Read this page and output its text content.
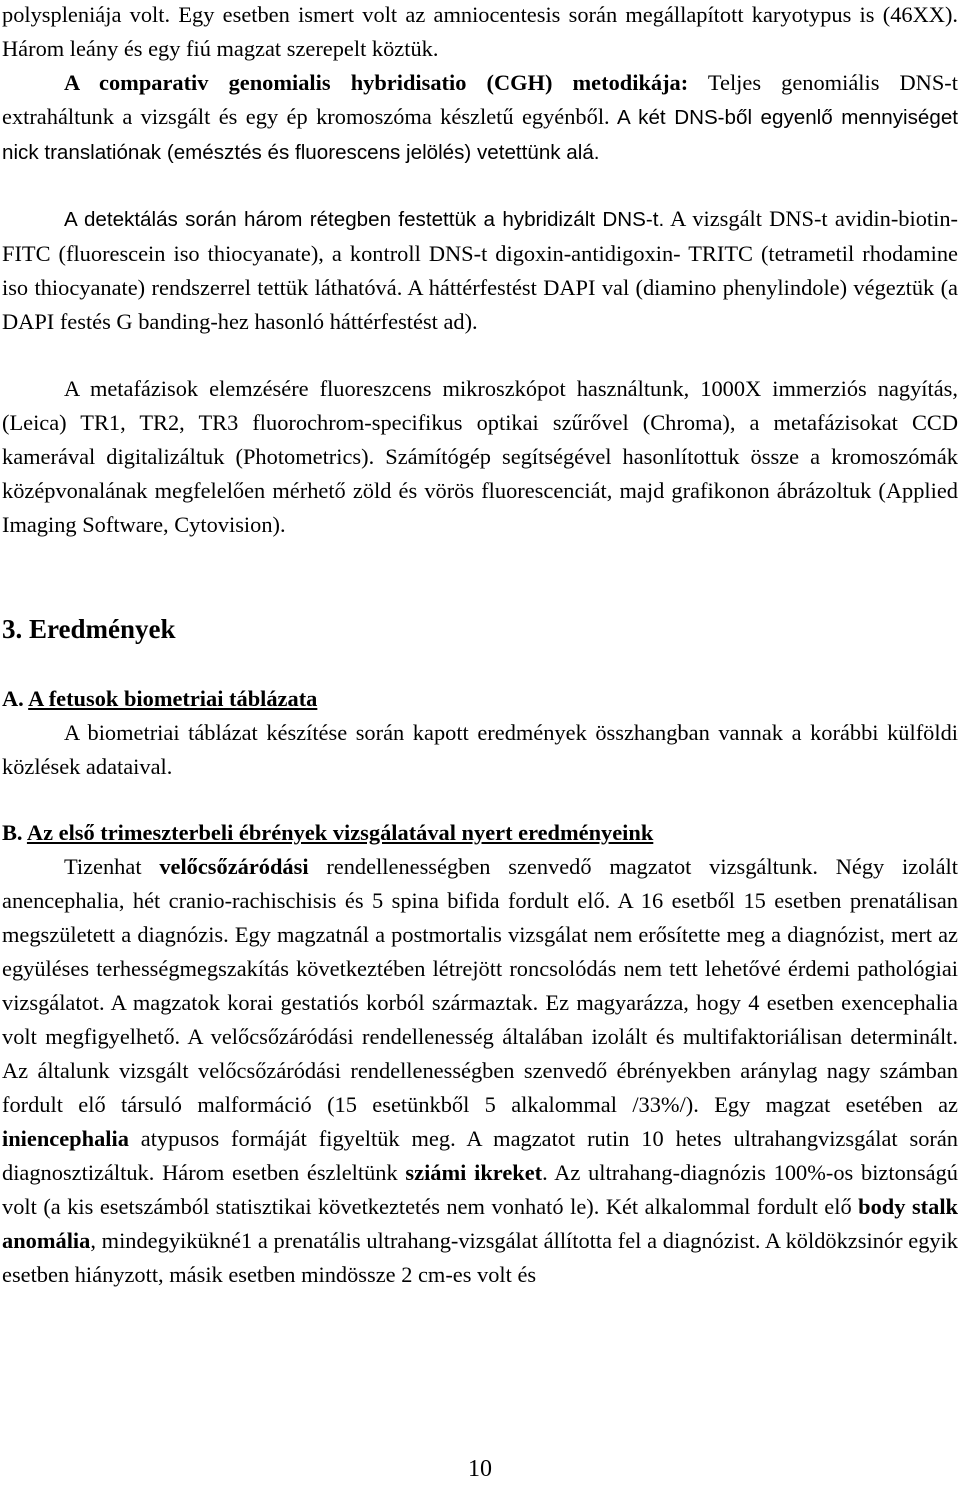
polyspleniája volt. Egy esetben ismert volt az amniocentesis során megállapított karyotypus is (46XX). Három leány és egy fiú magzat szerepelt köztük.

A comparativ genomialis hybridisatio (CGH) metodikája: Teljes genomiális DNS-t extraháltunk a vizsgált és egy ép kromoszóma készletű egyénből. A két DNS-ből egyenlő mennyiséget nick translatiónak (emésztés és fluorescens jelölés) vetettünk alá.

A detektálás során három rétegben festettük a hybridizált DNS-t. A vizsgált DNS-t avidin-biotin-FITC (fluorescein iso thiocyanate), a kontroll DNS-t digoxin-antidigoxin- TRITC (tetrametil rhodamine iso thiocyanate) rendszerrel tettük láthatóvá. A háttérfestést DAPI val (diamino phenylindole) végeztük (a DAPI festés G banding-hez hasonló háttérfestést ad).

A metafázisok elemzésére fluoreszcens mikroszkópot használtunk, 1000X immerziós nagyítás, (Leica) TR1, TR2, TR3 fluorochrom-specifikus optikai szűrővel (Chroma), a metafázisokat CCD kamerával digitalizáltuk (Photometrics). Számítógép segítségével hasonlítottuk össze a kromoszómák középvonalának megfelelően mérhető zöld és vörös fluorescenciát, majd grafikonon ábrázoltuk (Applied Imaging Software, Cytovision).

3. Eredmények
A. A fetusok biometriai táblázata

A biometriai táblázat készítése során kapott eredmények összhangban vannak a korábbi külföldi közlések adataival.

B. Az első trimeszterbeli ébrények vizsgálatával nyert eredményeink

Tizenhat velőcsőzáródási rendellenességben szenvedő magzatot vizsgáltunk. Négy izolált anencephalia, hét cranio-rachischisis és 5 spina bifida fordult elő. A 16 esetből 15 esetben prenatálisan megszületett a diagnózis. Egy magzatnál a postmortalis vizsgálat nem erősítette meg a diagnózist, mert az együléses terhességmegszakítás következtében létrejött roncsolódás nem tett lehetővé érdemi pathológiai vizsgálatot. A magzatok korai gestatiós korból származtak. Ez magyarázza, hogy 4 esetben exencephalia volt megfigyelhető. A velőcsőzáródási rendellenesség általában izolált és multifaktoriálisan determinált. Az általunk vizsgált velőcsőzáródási rendellenességben szenvedő ébrényekben aránylag nagy számban fordult elő társuló malformáció (15 esetünkből 5 alkalommal /33%/). Egy magzat esetében az iniencephalia atypusos formáját figyeltük meg. A magzatot rutin 10 hetes ultrahangvizsgálat során diagnosztizáltuk. Három esetben észleltünk sziámi ikreket. Az ultrahang-diagnózis 100%-os biztonságú volt (a kis esetszámból statisztikai következtetés nem vonható le). Két alkalommal fordult elő body stalk anomália, mindegyikükné1 a prenatális ultrahang-vizsgálat állította fel a diagnózist. A köldökzsinór egyik esetben hiányzott, másik esetben mindössze 2 cm-es volt és

10
